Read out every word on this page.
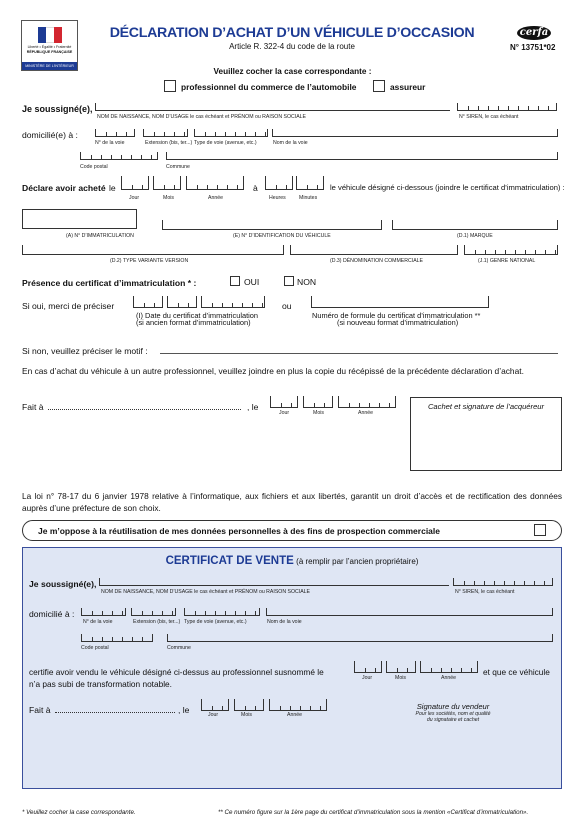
Liberté • Égalité • Fraternité
RÉPUBLIQUE FRANÇAISE
MINISTÈRE DE L'INTÉRIEUR
DÉCLARATION D’ACHAT D’UN VÉHICULE D’OCCASION
Article R. 322-4 du code de la route
cerfa
N° 13751*02
Veuillez cocher la case correspondante :
professionnel du commerce de l’automobile	assureur
Je soussigné(e),
NOM DE NAISSANCE, NOM D’USAGE le cas échéant et PRÉNOM ou RAISON SOCIALE	N° SIREN, le cas échéant
domicilié(e) à :
N° de la voie	Extension (bis, ter...) Type de voie (avenue, etc.)	Nom de la voie
Code postal	Commune
Déclare avoir acheté le	à	le véhicule désigné ci-dessous (joindre le certificat d’immatriculation) :
Jour	Mois	Année	Heures	Minutes
(A) N° D’IMMATRICULATION	(E) N° D’IDENTIFICATION DU VÉHICULE	(D.1) MARQUE
(D.2) TYPE VARIANTE VERSION	(D.3) DÉNOMINATION COMMERCIALE	(J.1) GENRE NATIONAL
Présence du certificat d’immatriculation * :	OUI	NON
Si oui, merci de préciser	ou
(I) Date du certificat d’immatriculation
(si ancien format d’immatriculation)
Numéro de formule du certificat d’immatriculation **
(si nouveau format d’immatriculation)
Si non, veuillez préciser le motif :
En cas d’achat du véhicule à un autre professionnel, veuillez joindre en plus la copie du récépissé de la précédente déclaration d’achat.
Fait à	, le
Jour	Mois	Année
Cachet et signature de l’acquéreur
La loi n° 78-17 du 6 janvier 1978 relative à l’informatique, aux fichiers et aux libertés, garantit un droit d’accès et de rectification des données auprès d’une préfecture de son choix.
Je m’oppose à la réutilisation de mes données personnelles à des fins de prospection commerciale
CERTIFICAT DE VENTE (à remplir par l’ancien propriétaire)
Je soussigné(e),
NOM DE NAISSANCE, NOM D’USAGE le cas échéant et PRÉNOM ou RAISON SOCIALE	N° SIREN, le cas échéant
domicilié à :
N° de la voie	Extension (bis, ter...) Type de voie (avenue, etc.)	Nom de la voie
Code postal	Commune
certifie avoir vendu le véhicule désigné ci-dessus au professionnel susnommé le	et que ce véhicule
Jour	Mois	Année
n’a pas subi de transformation notable.
Fait à	, le	Jour	Mois	Année
Signature du vendeur
Pour les sociétés, nom et qualité
du signataire et cachet
* Veuillez cocher la case correspondante.	** Ce numéro figure sur la 1ère page du certificat d’immatriculation sous la mention «Certificat d’immatriculation».
